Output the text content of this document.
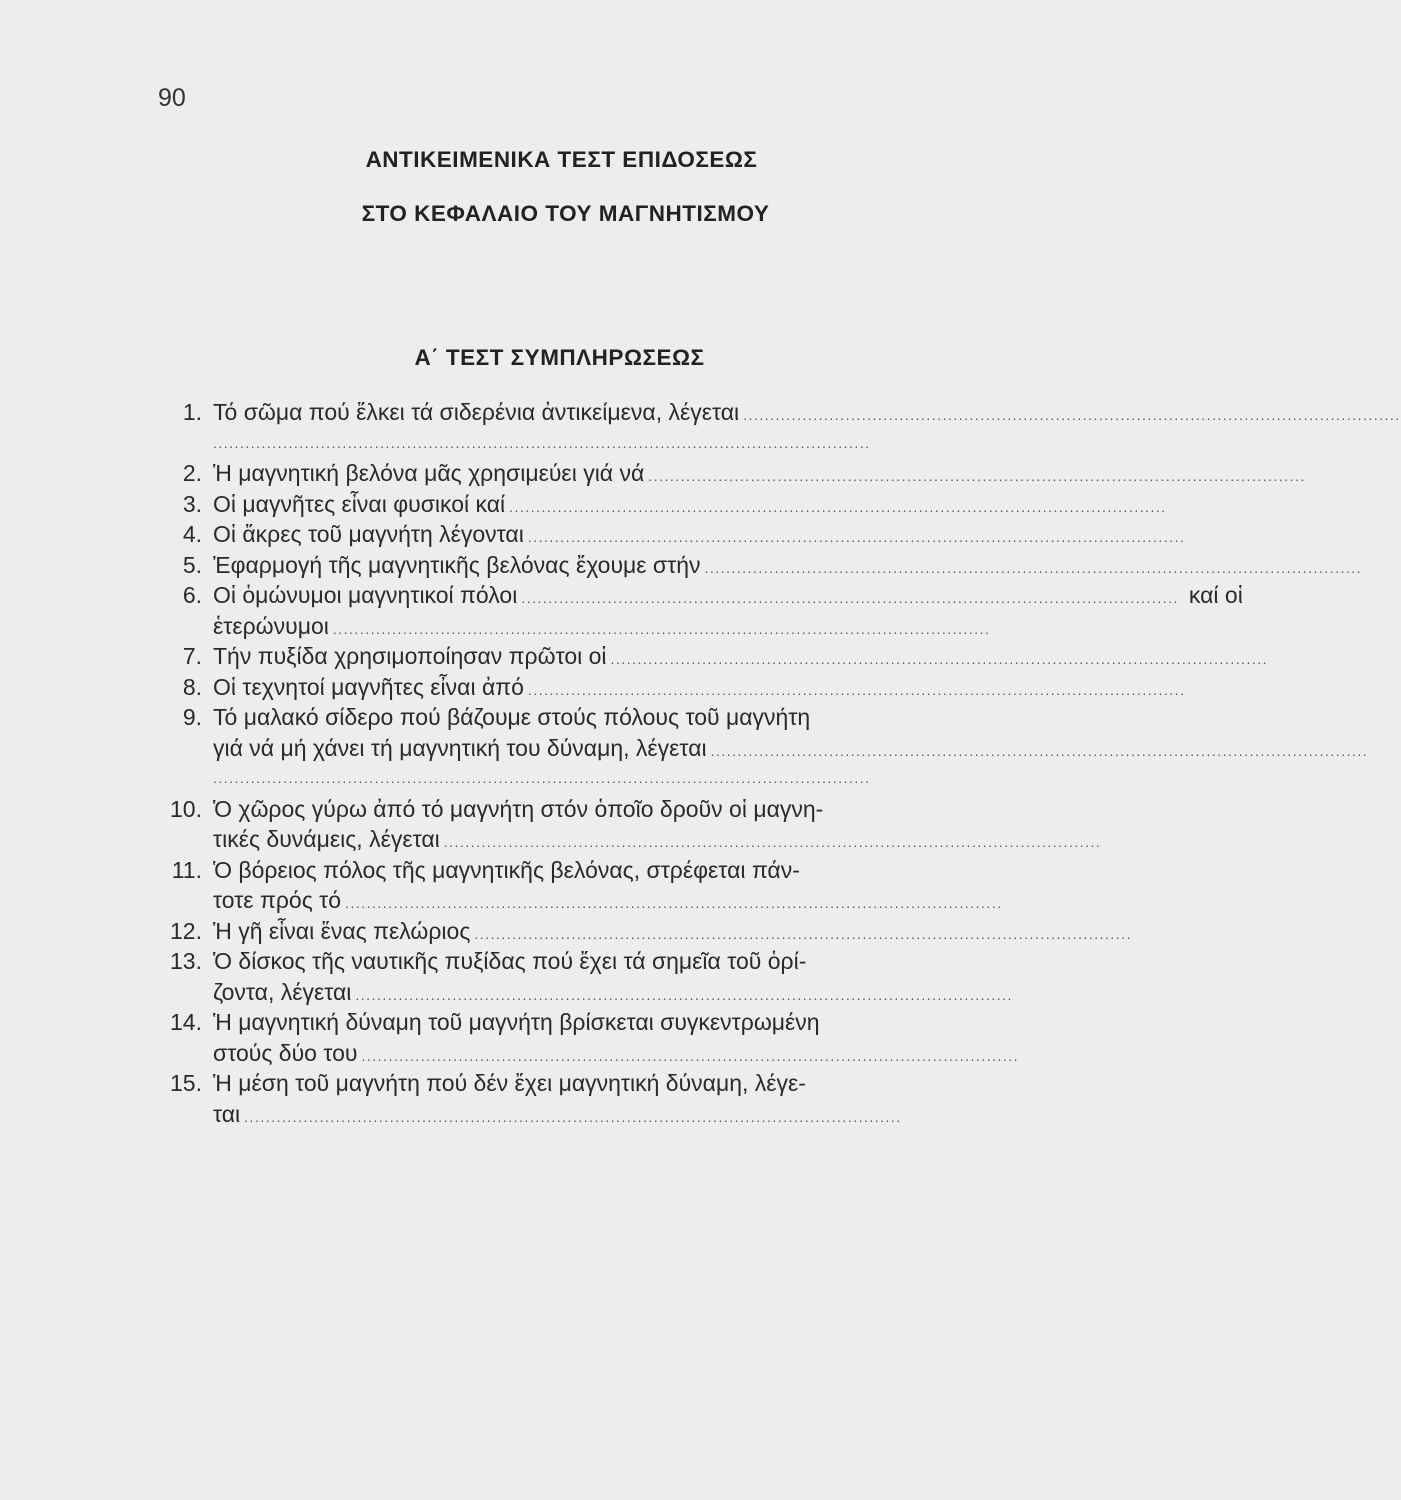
90
ΑΝΤΙΚΕΙΜΕΝΙΚΑ ΤΕΣΤ ΕΠΙΔΟΣΕΩΣ
ΣΤΟ ΚΕΦΑΛΑΙΟ ΤΟΥ ΜΑΓΝΗΤΙΣΜΟΥ
Α΄ ΤΕΣΤ ΣΥΜΠΛΗΡΩΣΕΩΣ
1. Τό σῶμα πού ἕλκει τά σιδερένια ἀντικείμενα, λέγεται ..........................................................................................................................
..........................................................................................................................
2. Ἡ μαγνητική βελόνα μᾶς χρησιμεύει γιά νά ..........................................................................................................................
3. Οἱ μαγνῆτες εἶναι φυσικοί καί ..........................................................................................................................
4. Οἱ ἄκρες τοῦ μαγνήτη λέγονται ..........................................................................................................................
5. Ἐφαρμογή τῆς μαγνητικῆς βελόνας ἔχουμε στήν ..........................................................................................................................
6. Οἱ ὁμώνυμοι μαγνητικοί πόλοι .......................................................................................................................... καί οἱ
ἑτερώνυμοι ..........................................................................................................................
7. Τήν πυξίδα χρησιμοποίησαν πρῶτοι οἱ ..........................................................................................................................
8. Οἱ τεχνητοί μαγνῆτες εἶναι ἀπό ..........................................................................................................................
9. Τό μαλακό σίδερο πού βάζουμε στούς πόλους τοῦ μαγνήτη
γιά νά μή χάνει τή μαγνητική του δύναμη, λέγεται ..........................................................................................................................
..........................................................................................................................
10. Ὁ χῶρος γύρω ἀπό τό μαγνήτη στόν ὁποῖο δροῦν οἱ μαγνη-
τικές δυνάμεις, λέγεται ..........................................................................................................................
11. Ὁ βόρειος πόλος τῆς μαγνητικῆς βελόνας, στρέφεται πάν-
τοτε πρός τό ..........................................................................................................................
12. Ἡ γῆ εἶναι ἕνας πελώριος ..........................................................................................................................
13. Ὁ δίσκος τῆς ναυτικῆς πυξίδας πού ἔχει τά σημεῖα τοῦ ὁρί-
ζοντα, λέγεται ..........................................................................................................................
14. Ἡ μαγνητική δύναμη τοῦ μαγνήτη βρίσκεται συγκεντρωμένη
στούς δύο του ..........................................................................................................................
15. Ἡ μέση τοῦ μαγνήτη πού δέν ἔχει μαγνητική δύναμη, λέγε-
ται ..........................................................................................................................
